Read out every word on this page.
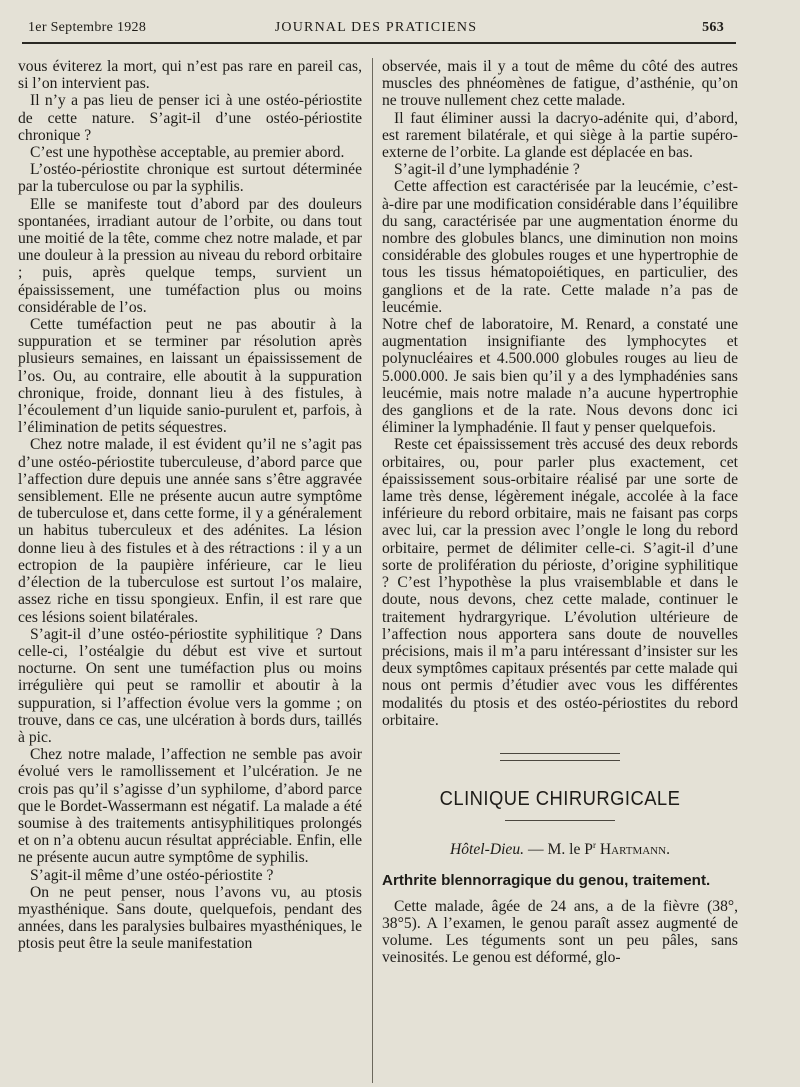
1er Septembre 1928	JOURNAL DES PRATICIENS	563

vous éviterez la mort, qui n’est pas rare en pareil cas, si l’on intervient pas.

Il n’y a pas lieu de penser ici à une ostéo-périostite de cette nature. S’agit-il d’une ostéo-périostite chronique ?

C’est une hypothèse acceptable, au premier abord.

L’ostéo-périostite chronique est surtout déterminée par la tuberculose ou par la syphilis.

Elle se manifeste tout d’abord par des douleurs spontanées, irradiant autour de l’orbite, ou dans tout une moitié de la tête, comme chez notre malade, et par une douleur à la pression au niveau du rebord orbitaire ; puis, après quelque temps, survient un épaississement, une tuméfaction plus ou moins considérable de l’os.

Cette tuméfaction peut ne pas aboutir à la suppuration et se terminer par résolution après plusieurs semaines, en laissant un épaississement de l’os. Ou, au contraire, elle aboutit à la suppuration chronique, froide, donnant lieu à des fistules, à l’écoulement d’un liquide sanio-purulent et, parfois, à l’élimination de petits séquestres.

Chez notre malade, il est évident qu’il ne s’agit pas d’une ostéo-périostite tuberculeuse, d’abord parce que l’affection dure depuis une année sans s’être aggravée sensiblement. Elle ne présente aucun autre symptôme de tuberculose et, dans cette forme, il y a généralement un habitus tuberculeux et des adénites. La lésion donne lieu à des fistules et à des rétractions : il y a un ectropion de la paupière inférieure, car le lieu d’élection de la tuberculose est surtout l’os malaire, assez riche en tissu spongieux. Enfin, il est rare que ces lésions soient bilatérales.

S’agit-il d’une ostéo-périostite syphilitique ? Dans celle-ci, l’ostéalgie du début est vive et surtout nocturne. On sent une tuméfaction plus ou moins irrégulière qui peut se ramollir et aboutir à la suppuration, si l’affection évolue vers la gomme ; on trouve, dans ce cas, une ulcération à bords durs, taillés à pic.

Chez notre malade, l’affection ne semble pas avoir évolué vers le ramollissement et l’ulcération. Je ne crois pas qu’il s’agisse d’un syphilome, d’abord parce que le Bordet-Wassermann est négatif. La malade a été soumise à des traitements antisyphilitiques prolongés et on n’a obtenu aucun résultat appréciable. Enfin, elle ne présente aucun autre symptôme de syphilis.

S’agit-il même d’une ostéo-périostite ?

On ne peut penser, nous l’avons vu, au ptosis myasthénique. Sans doute, quelquefois, pendant des années, dans les paralysies bulbaires myasthéniques, le ptosis peut être la seule manifestation

observée, mais il y a tout de même du côté des autres muscles des phnéomènes de fatigue, d’asthénie, qu’on ne trouve nullement chez cette malade.

Il faut éliminer aussi la dacryo-adénite qui, d’abord, est rarement bilatérale, et qui siège à la partie supéro-externe de l’orbite. La glande est déplacée en bas.

S’agit-il d’une lymphadénie ?

Cette affection est caractérisée par la leucémie, c’est-à-dire par une modification considérable dans l’équilibre du sang, caractérisée par une augmentation énorme du nombre des globules blancs, une diminution non moins considérable des globules rouges et une hypertrophie de tous les tissus hématopoiétiques, en particulier, des ganglions et de la rate. Cette malade n’a pas de leucémie.

Notre chef de laboratoire, M. Renard, a constaté une augmentation insignifiante des lymphocytes et polynucléaires et 4.500.000 globules rouges au lieu de 5.000.000. Je sais bien qu’il y a des lymphadénies sans leucémie, mais notre malade n’a aucune hypertrophie des ganglions et de la rate. Nous devons donc ici éliminer la lymphadénie. Il faut y penser quelquefois.

Reste cet épaississement très accusé des deux rebords orbitaires, ou, pour parler plus exactement, cet épaississement sous-orbitaire réalisé par une sorte de lame très dense, légèrement inégale, accolée à la face inférieure du rebord orbitaire, mais ne faisant pas corps avec lui, car la pression avec l’ongle le long du rebord orbitaire, permet de délimiter celle-ci. S’agit-il d’une sorte de prolifération du périoste, d’origine syphilitique ? C’est l’hypothèse la plus vraisemblable et dans le doute, nous devons, chez cette malade, continuer le traitement hydrargyrique. L’évolution ultérieure de l’affection nous apportera sans doute de nouvelles précisions, mais il m’a paru intéressant d’insister sur les deux symptômes capitaux présentés par cette malade qui nous ont permis d’étudier avec vous les différentes modalités du ptosis et des ostéo-périostites du rebord orbitaire.

CLINIQUE CHIRURGICALE
Hôtel-Dieu. — M. le $P^r$ Hartmann.
Arthrite blennorragique du genou, traitement.

Cette malade, âgée de 24 ans, a de la fièvre (38°, 38°5). A l’examen, le genou paraît assez augmenté de volume. Les téguments sont un peu pâles, sans veinosités. Le genou est déformé, glo-
